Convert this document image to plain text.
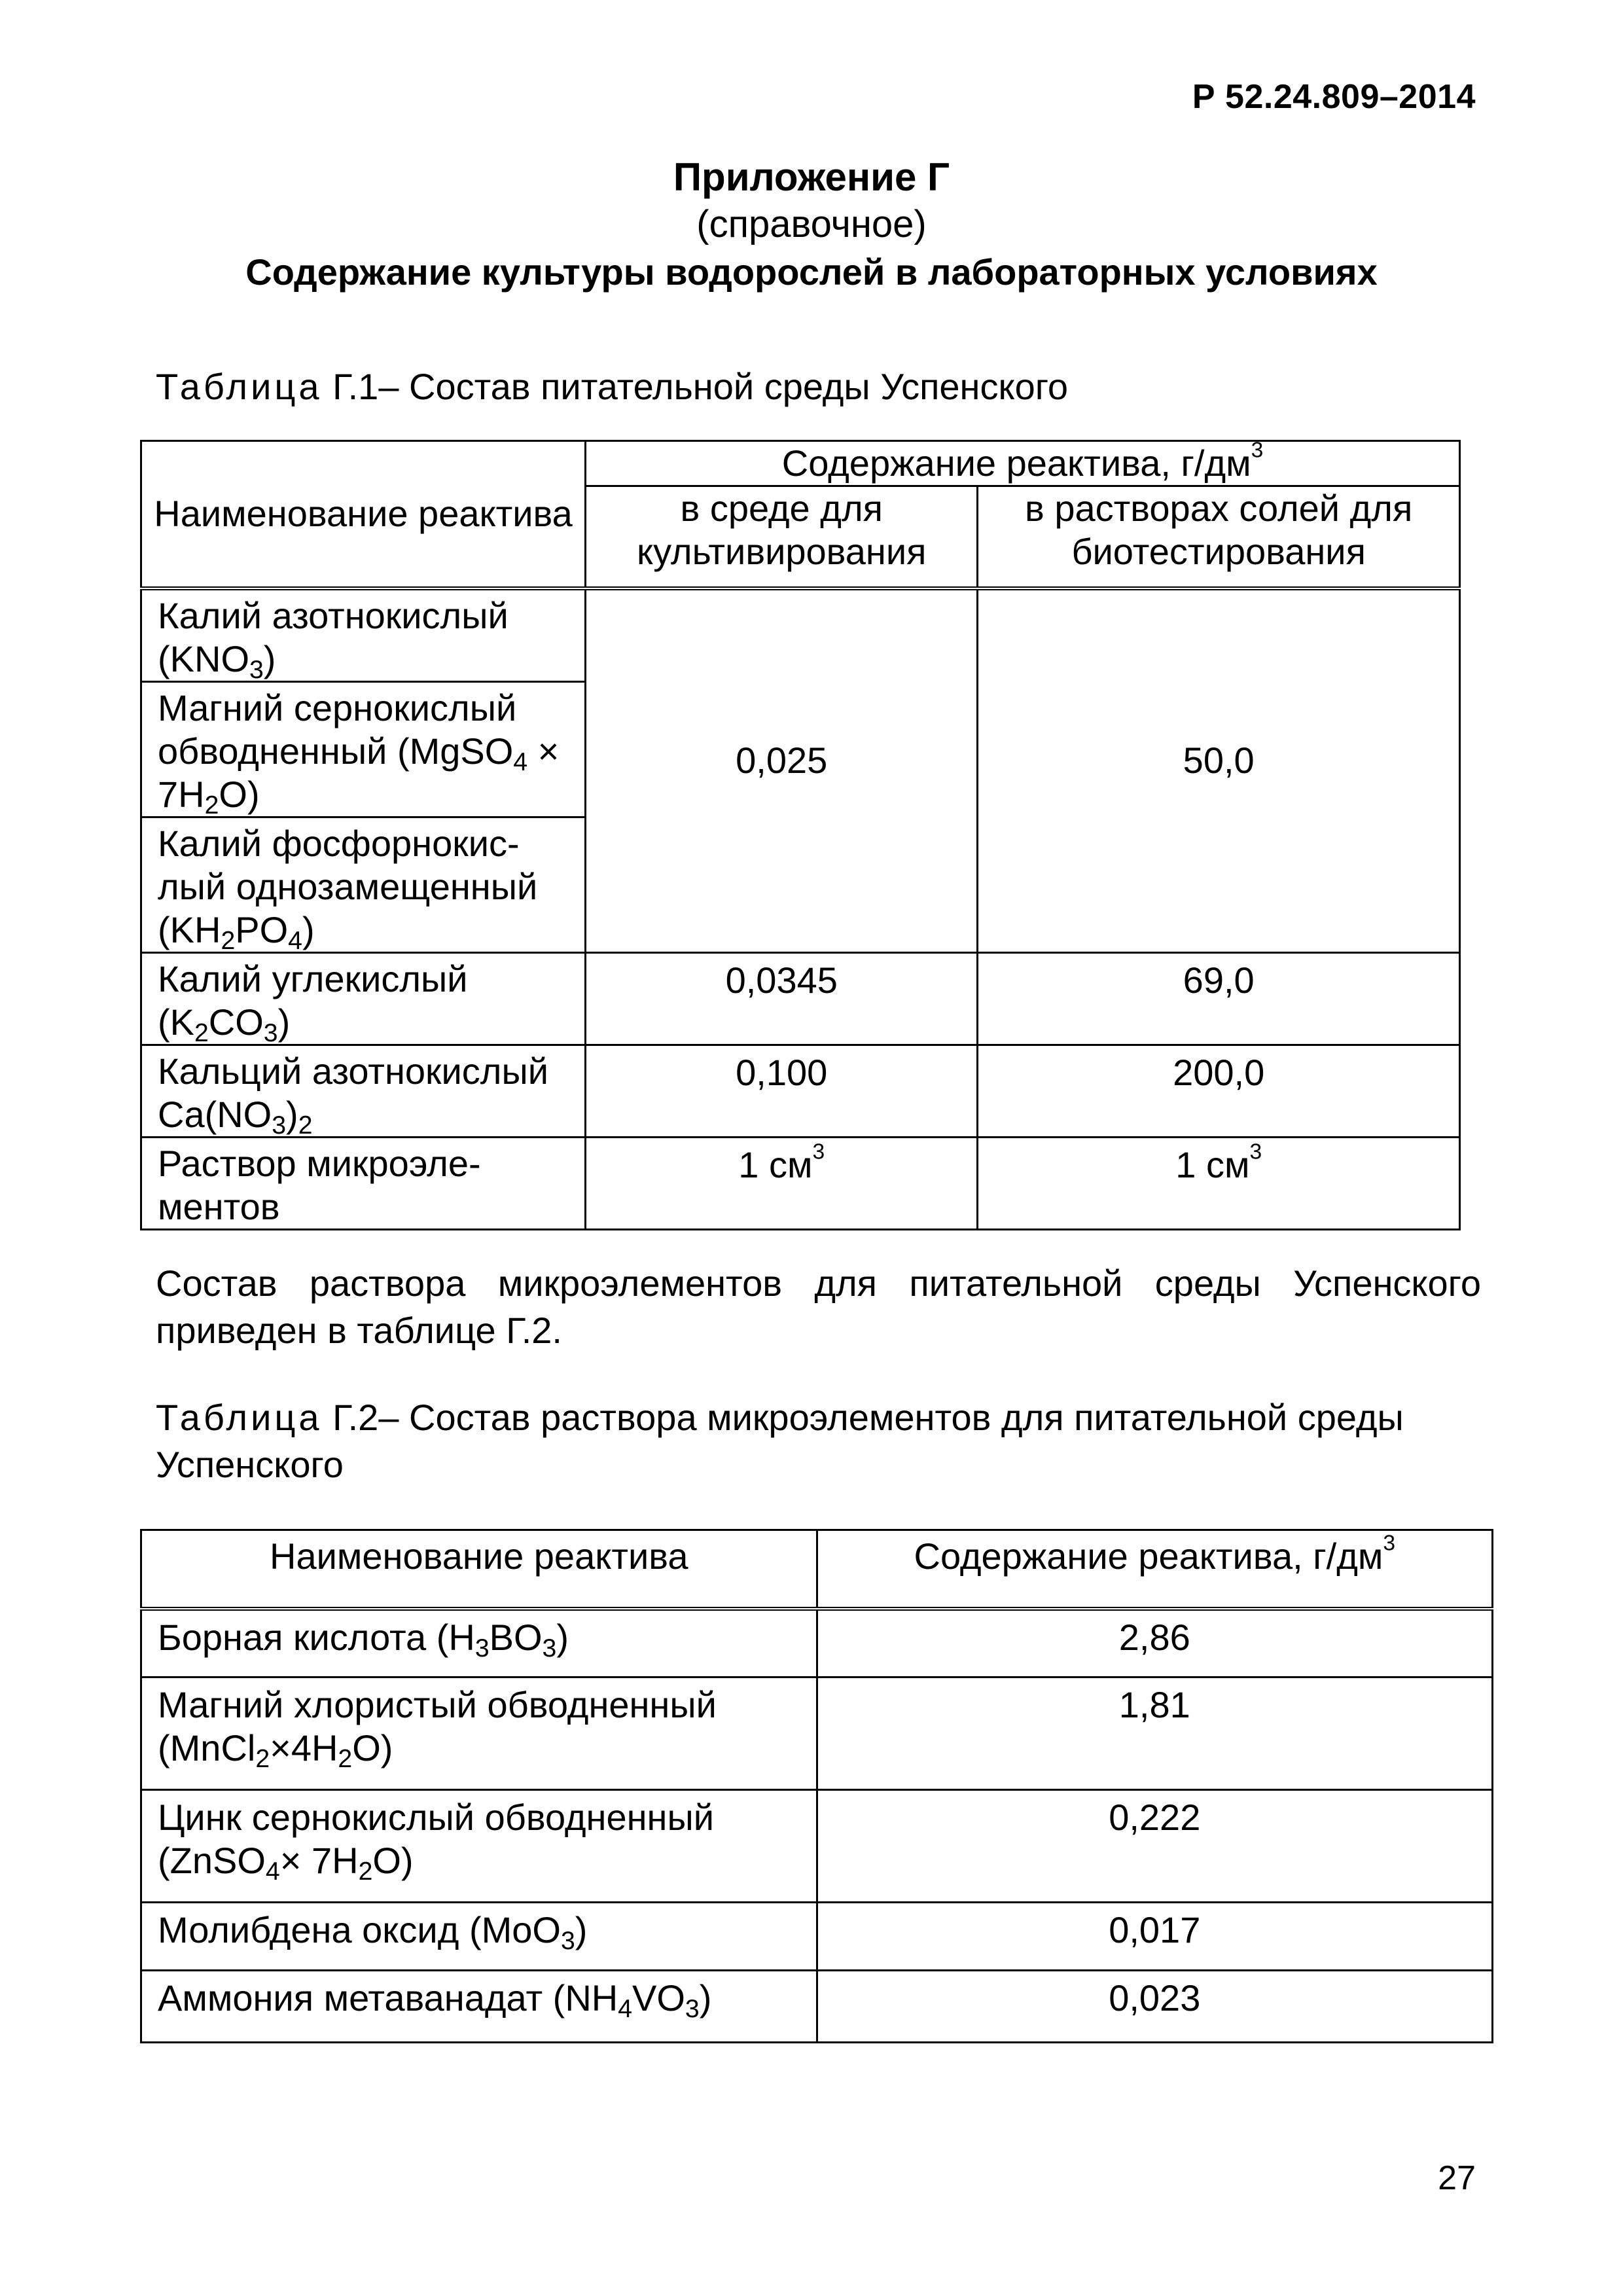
Р 52.24.809–2014
Приложение Г
(справочное)
Содержание культуры водорослей в лабораторных условиях
Таблица Г.1– Состав питательной среды Успенского
Наименование реактива	Содержание реактива, $г/дм^3$
	в среде для культивирования	в растворах солей для биотестирования
Калий азотнокислый $(KNO_3)$	0,025	50,0
Магний сернокислый обводненный (MgSO$_4$ × $7H_2O$)		
Калий фосфорнокис-лый однозамещенный $(KH_2PO_4)$		
Калий углекислый $(K_2CO_3)$	0,0345	69,0
Кальций азотнокислый $Ca(NO_3)_2$	0,100	200,0
Раствор микроэле-ментов	1 $см^3$	1 $см^3$
Состав раствора микроэлементов для питательной среды Успенского приведен в таблице Г.2.
Таблица Г.2– Состав раствора микроэлементов для питательной среды Успенского
Наименование реактива	Содержание реактива, $г/дм^3$
Борная кислота $(H_3BO_3)$	2,86
Магний хлористый обводненный $(MnCl_2\times 4H_2O)$	1,81
Цинк сернокислый обводненный (ZnSO$_4$× $7H_2O$)	0,222
Молибдена оксид (MoO$_3$)	0,017
Аммония метаванадат $(NH_4VO_3)$	0,023
27
